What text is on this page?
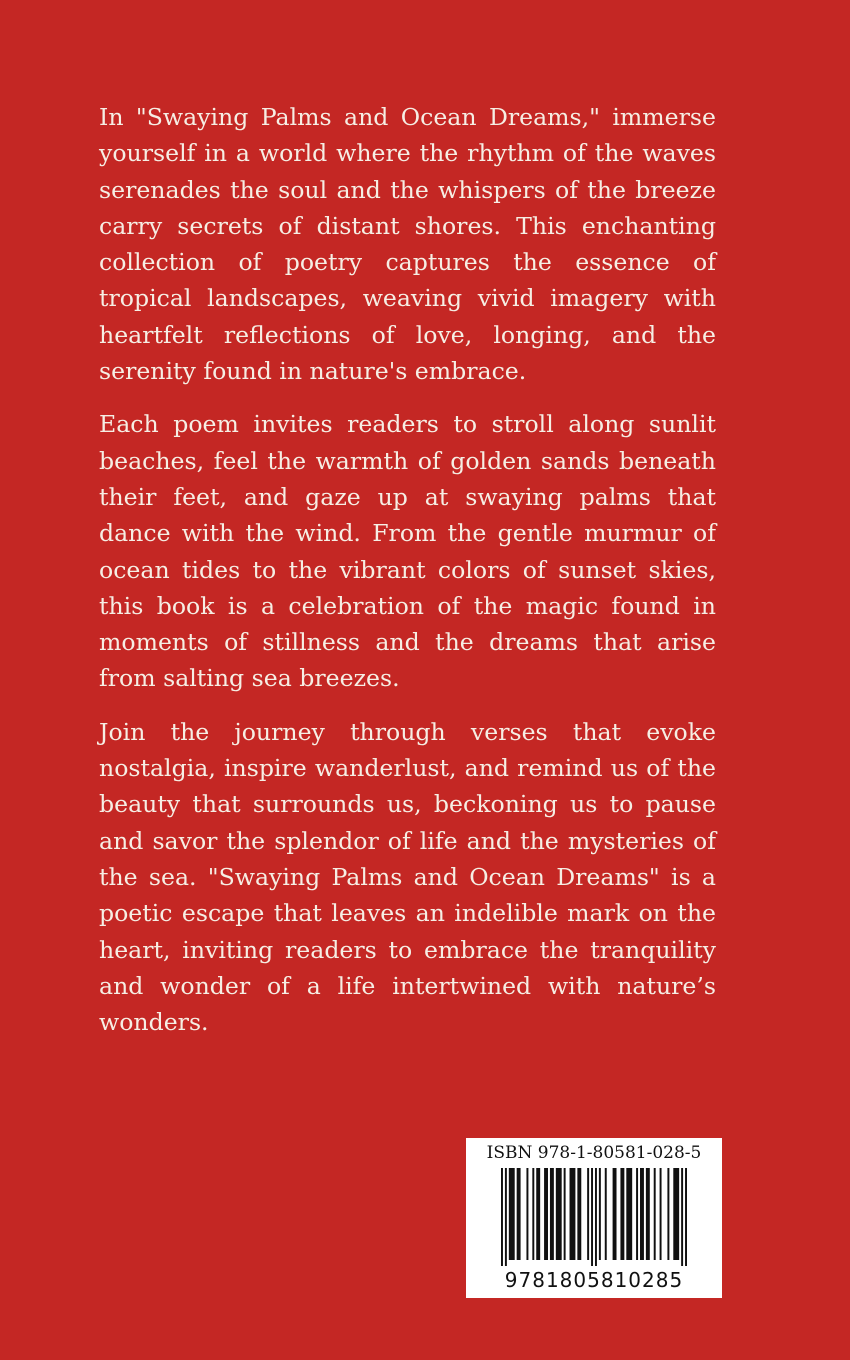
In "Swaying Palms and Ocean Dreams," immerse yourself in a world where the rhythm of the waves serenades the soul and the whispers of the breeze carry secrets of distant shores. This enchanting collection of poetry captures the essence of tropical landscapes, weaving vivid imagery with heartfelt reflections of love, longing, and the serenity found in nature's embrace.

Each poem invites readers to stroll along sunlit beaches, feel the warmth of golden sands beneath their feet, and gaze up at swaying palms that dance with the wind. From the gentle murmur of ocean tides to the vibrant colors of sunset skies, this book is a celebration of the magic found in moments of stillness and the dreams that arise from salting sea breezes.

Join the journey through verses that evoke nostalgia, inspire wanderlust, and remind us of the beauty that surrounds us, beckoning us to pause and savor the splendor of life and the mysteries of the sea. "Swaying Palms and Ocean Dreams" is a poetic escape that leaves an indelible mark on the heart, inviting readers to embrace the tranquility and wonder of a life intertwined with nature’s wonders.

ISBN 978-1-80581-028-5
9781805810285
